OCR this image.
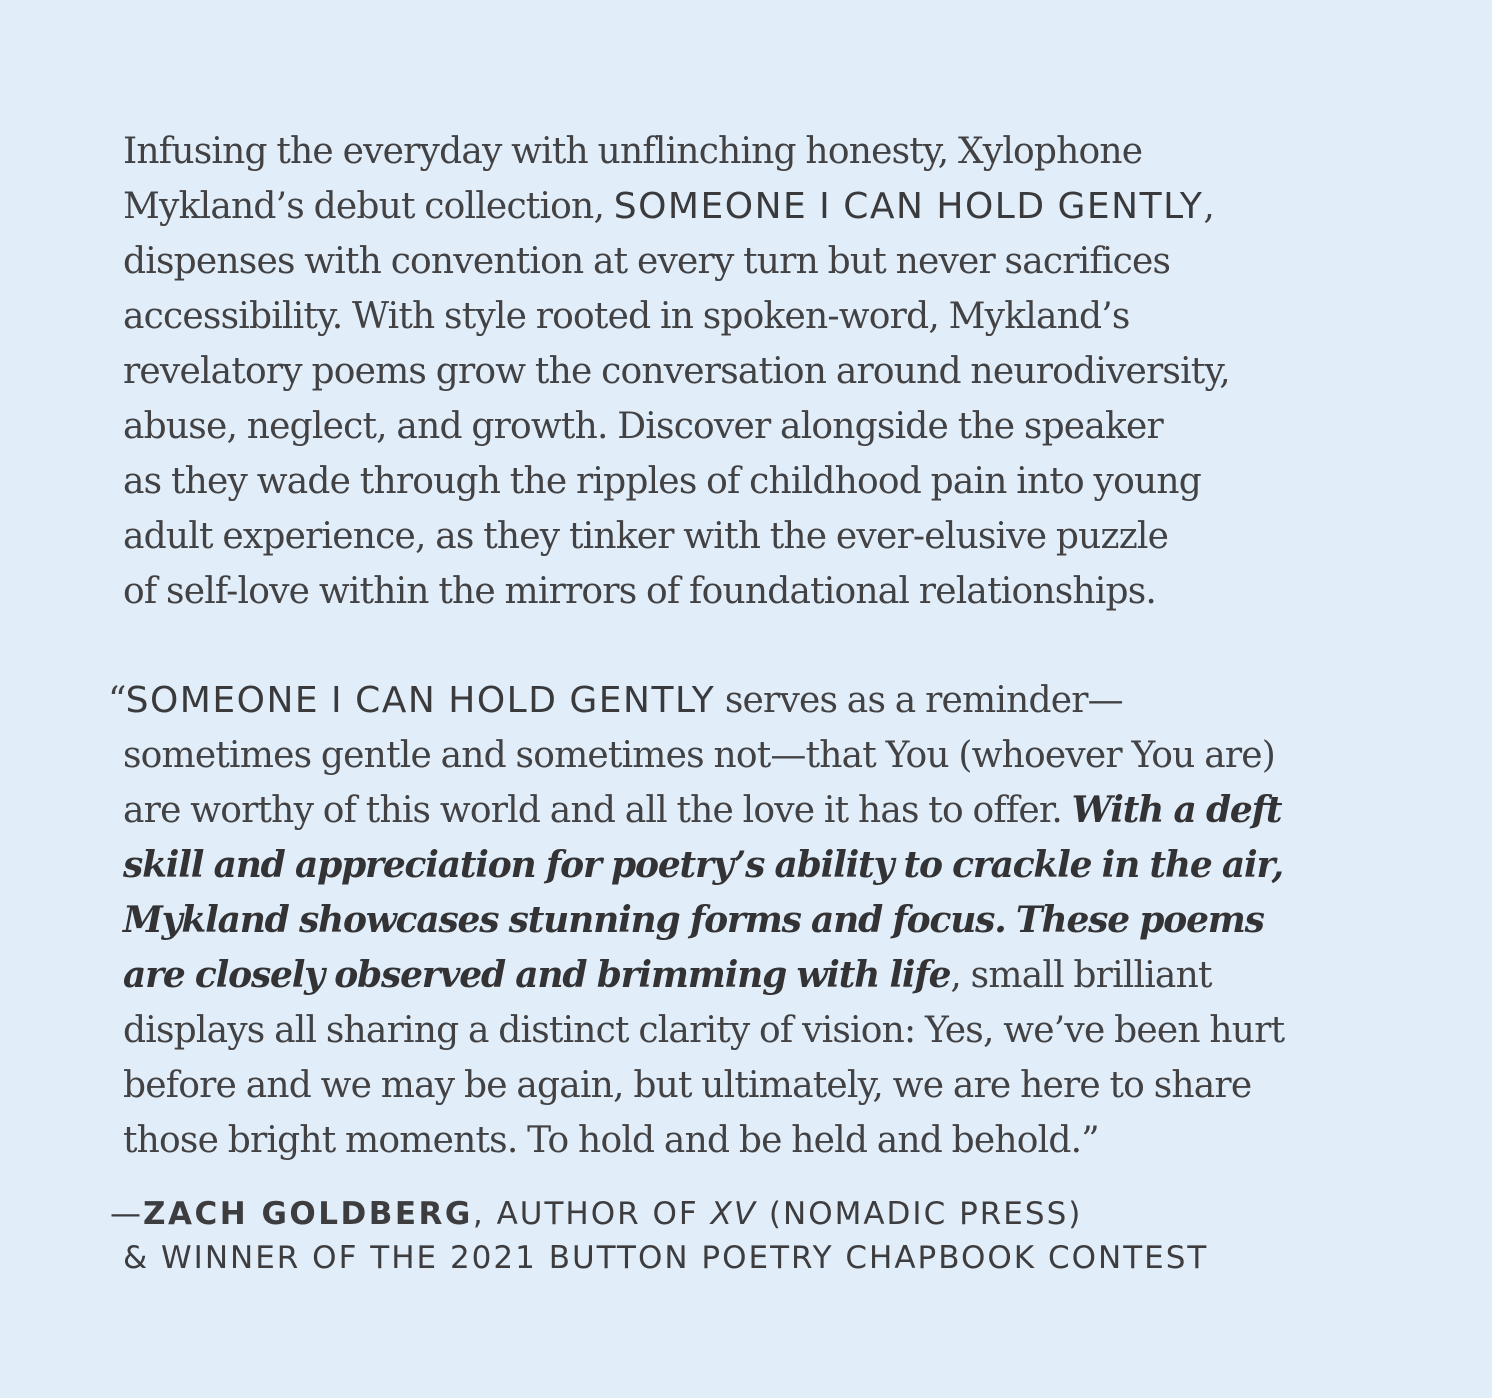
Infusing the everyday with unflinching honesty, Xylophone
Mykland’s debut collection, SOMEONE I CAN HOLD GENTLY,
dispenses with convention at every turn but never sacrifices
accessibility. With style rooted in spoken-word, Mykland’s
revelatory poems grow the conversation around neurodiversity,
abuse, neglect, and growth. Discover alongside the speaker
as they wade through the ripples of childhood pain into young
adult experience, as they tinker with the ever-elusive puzzle
of self-love within the mirrors of foundational relationships.
“SOMEONE I CAN HOLD GENTLY serves as a reminder—
sometimes gentle and sometimes not—that You (whoever You are)
are worthy of this world and all the love it has to offer. With a deft
skill and appreciation for poetry’s ability to crackle in the air,
Mykland showcases stunning forms and focus. These poems
are closely observed and brimming with life, small brilliant
displays all sharing a distinct clarity of vision: Yes, we’ve been hurt
before and we may be again, but ultimately, we are here to share
those bright moments. To hold and be held and behold.”
—ZACH GOLDBERG, AUTHOR OF XV (NOMADIC PRESS)
& WINNER OF THE 2021 BUTTON POETRY CHAPBOOK CONTEST
